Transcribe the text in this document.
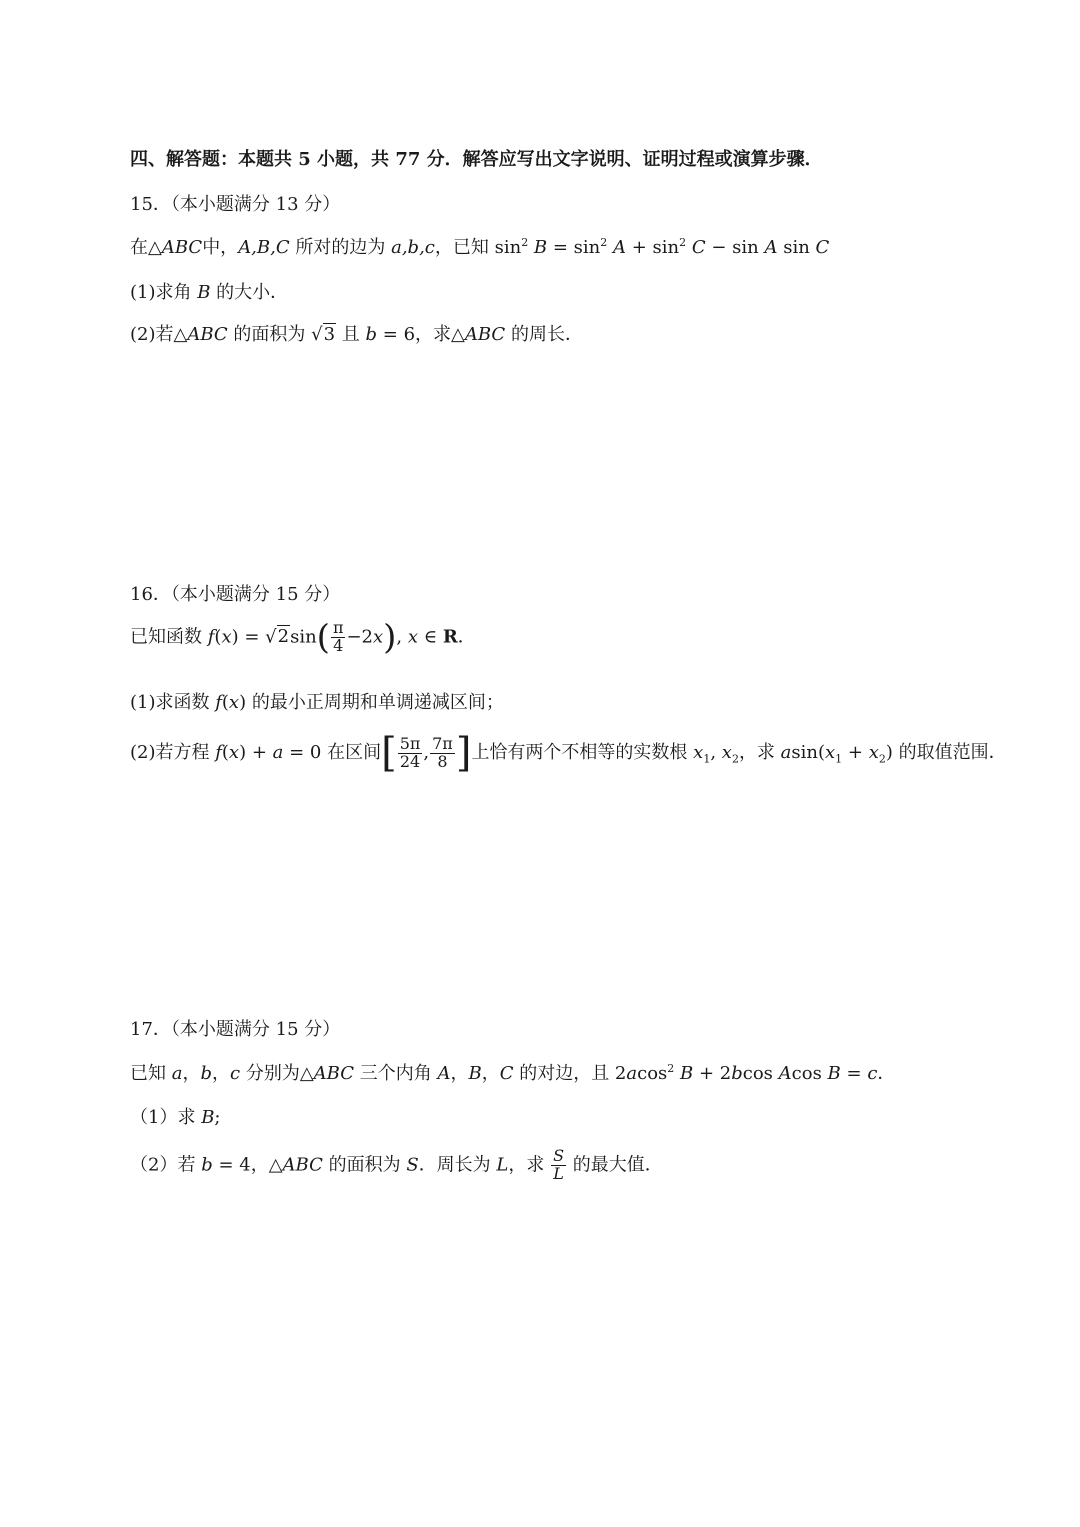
四、解答题：本题共 5 小题，共 77 分．解答应写出文字说明、证明过程或演算步骤．
15．（本小题满分 13 分）
在△ABC中，A,B,C 所对的边为 a,b,c，已知 $\sin^2 B = \sin^2 A + \sin^2 C - \sin A$ sin C
(1)求角 B 的大小．
(2)若△ABC 的面积为 √3 且 b = 6，求△ABC 的周长．
16．（本小题满分 15 分）
已知函数 $f(x) = √2\sin( \frac{\pi}{4} -2x)$, x ∈ R．
(1)求函数 f(x) 的最小正周期和单调递减区间；
(2)若方程 f(x) + a = 0 在区间[ $\frac{5\pi}{24}$ , $\frac{7\pi}{8}$ ]上恰有两个不相等的实数根 $x_1$, $x_2$，求 $asin(x_1 + x_2)$ 的取值范围．
17．（本小题满分 15 分）
已知 a，b，c 分别为△ABC 三个内角 A，B，C 的对边，且 2acos$^2$ B + 2bcos Acos B = c．
（1）求 B;
（2）若 b = 4，△ABC 的面积为 S．周长为 L，求 $\frac{S}{L}$ 的最大值．
